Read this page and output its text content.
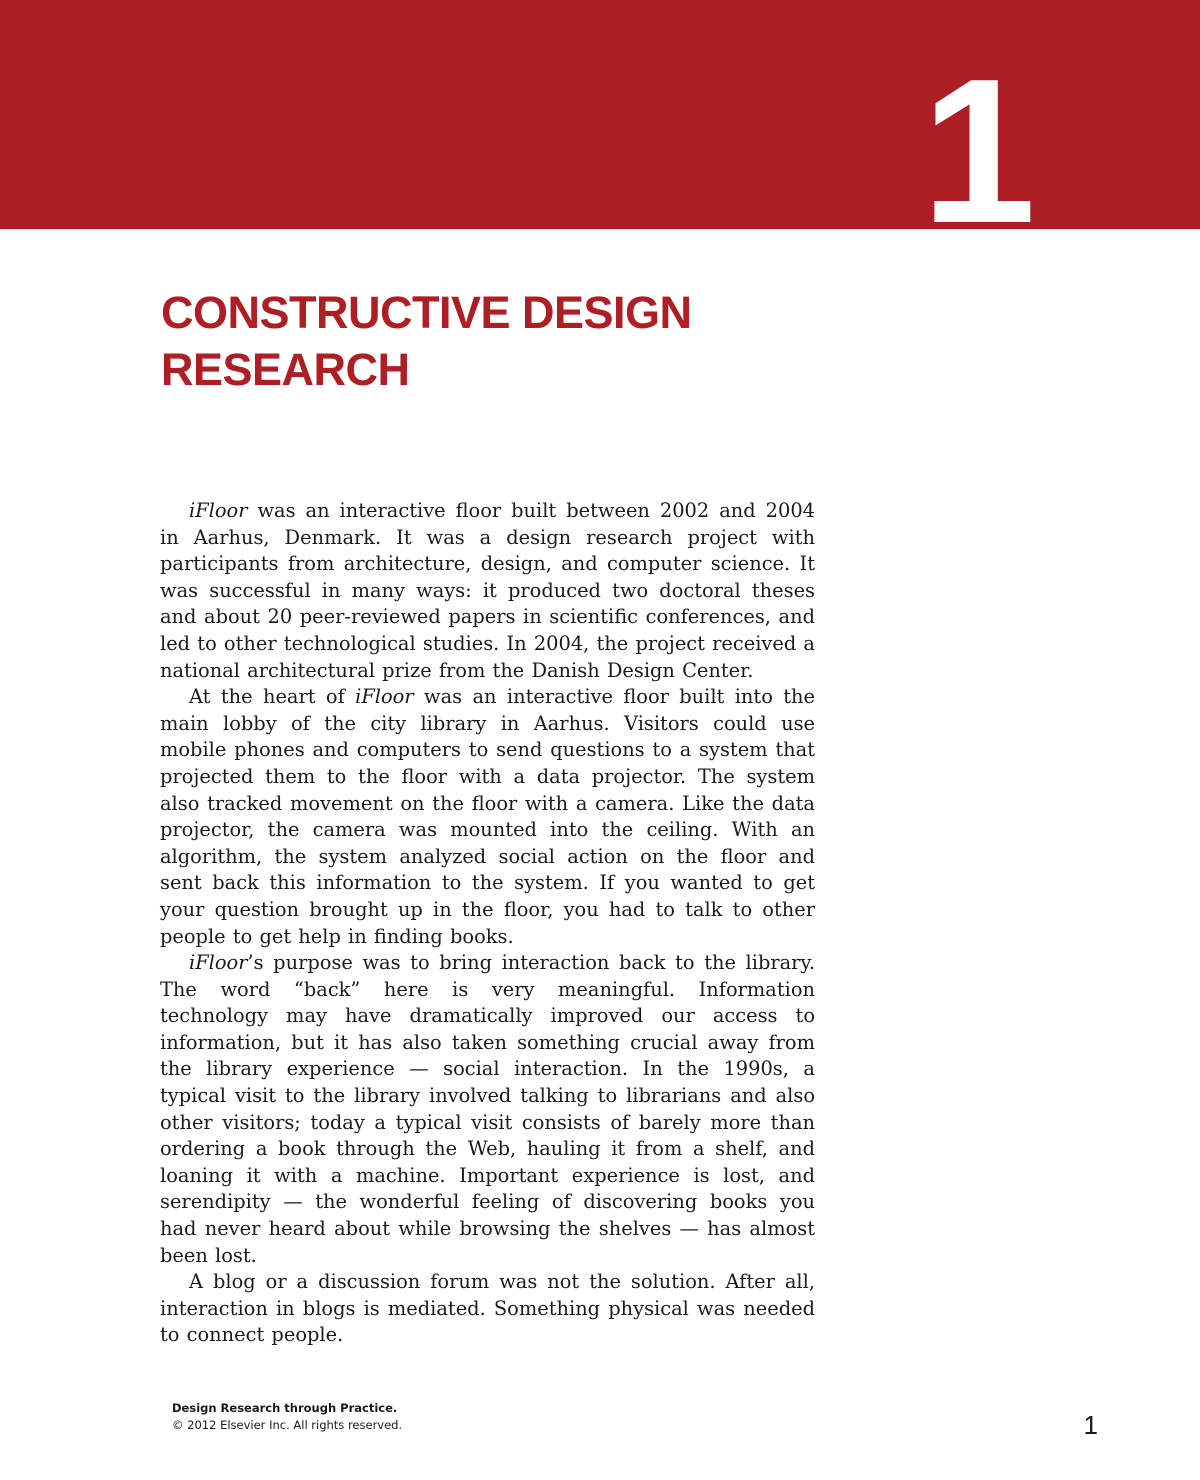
1
CONSTRUCTIVE DESIGN
RESEARCH

iFloor was an interactive floor built between 2002 and 2004 in Aarhus, Denmark. It was a design research project with participants from architecture, design, and computer science. It was successful in many ways: it produced two doctoral theses and about 20 peer-reviewed papers in scientific conferences, and led to other technological studies. In 2004, the project received a national architectural prize from the Danish Design Center.

At the heart of iFloor was an interactive floor built into the main lobby of the city library in Aarhus. Visitors could use mobile phones and computers to send questions to a system that projected them to the floor with a data projector. The system also tracked movement on the floor with a camera. Like the data projector, the camera was mounted into the ceiling. With an algorithm, the system analyzed social action on the floor and sent back this information to the system. If you wanted to get your question brought up in the floor, you had to talk to other people to get help in finding books.

iFloor’s purpose was to bring interaction back to the library. The word “back” here is very meaningful. Information technology may have dramatically improved our access to information, but it has also taken something crucial away from the library experience — social interaction. In the 1990s, a typical visit to the library involved talking to librarians and also other visitors; today a typical visit consists of barely more than ordering a book through the Web, hauling it from a shelf, and loaning it with a machine. Important experience is lost, and serendipity — the wonderful feeling of discovering books you had never heard about while browsing the shelves — has almost been lost.

A blog or a discussion forum was not the solution. After all, interaction in blogs is mediated. Something physical was needed to connect people.

Design Research through Practice.
© 2012 Elsevier Inc. All rights reserved.	1
